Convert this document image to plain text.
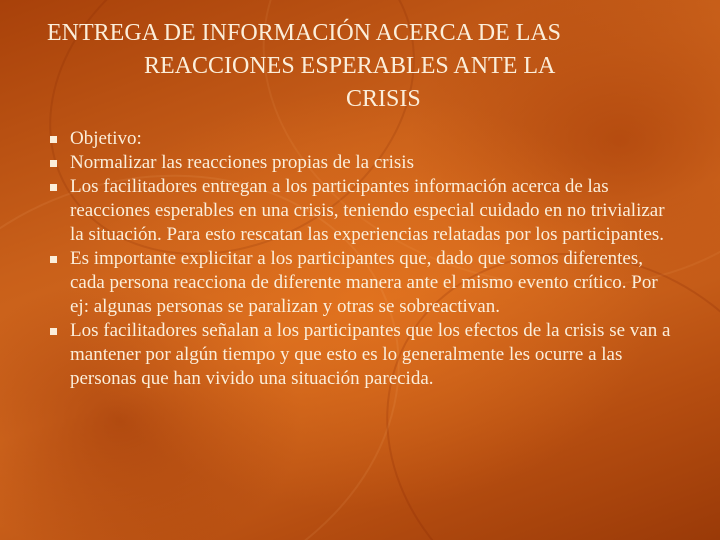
ENTREGA DE INFORMACIÓN ACERCA DE LAS
REACCIONES ESPERABLES ANTE LA
CRISIS
Objetivo:
Normalizar las reacciones propias de la crisis
Los facilitadores entregan a los participantes información acerca de las reacciones esperables en una crisis, teniendo especial cuidado en no trivializar la situación. Para esto rescatan las experiencias relatadas por los participantes.
Es importante explicitar a los participantes que, dado que somos diferentes, cada persona reacciona de diferente manera ante el mismo evento crítico. Por ej: algunas personas se paralizan y otras se sobreactivan.
Los facilitadores señalan a los participantes que los efectos de la crisis se van a mantener por algún tiempo y que esto es lo generalmente les ocurre a las personas que han vivido una situación parecida.
